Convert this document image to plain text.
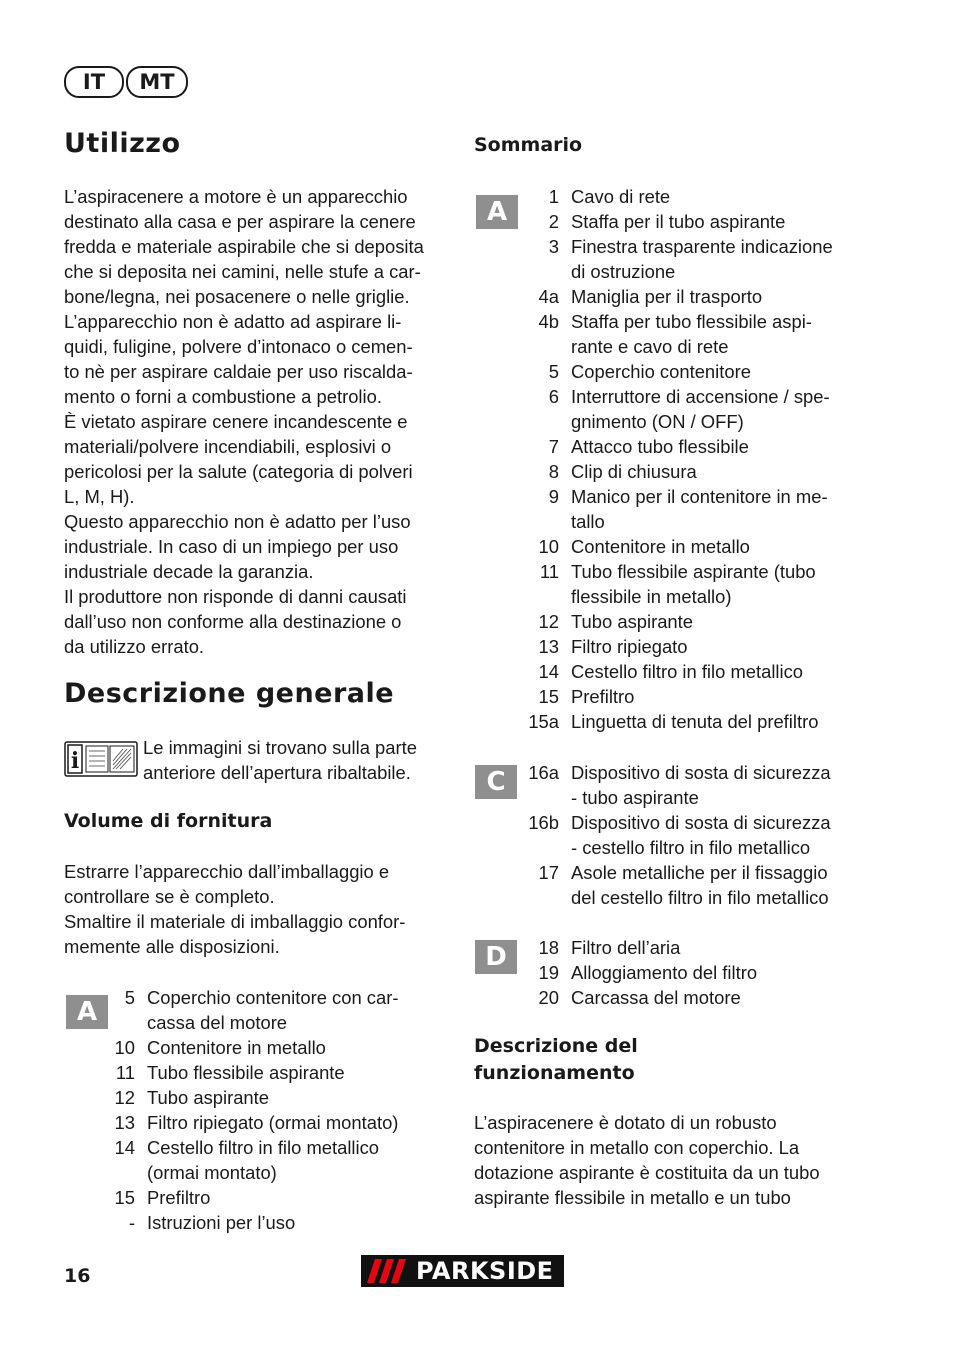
IT	MT
Utilizzo
L’aspiracenere a motore è un apparecchio
destinato alla casa e per aspirare la cenere
fredda e materiale aspirabile che si deposita
che si deposita nei camini, nelle stufe a car-
bone/legna, nei posacenere o nelle griglie.
L’apparecchio non è adatto ad aspirare li-
quidi, fuligine, polvere d’intonaco o cemen-
to nè per aspirare caldaie per uso riscalda-
mento o forni a combustione a petrolio.
È vietato aspirare cenere incandescente e
materiali/polvere incendiabili, esplosivi o
pericolosi per la salute (categoria di polveri
L, M, H).
Questo apparecchio non è adatto per l’uso
industriale. In caso di un impiego per uso
industriale decade la garanzia.
Il produttore non risponde di danni causati
dall’uso non conforme alla destinazione o
da utilizzo errato.
Descrizione generale
i
Le immagini si trovano sulla parte
anteriore dell’apertura ribaltabile.
Volume di fornitura
Estrarre l’apparecchio dall’imballaggio e
controllare se è completo.
Smaltire il materiale di imballaggio confor-
memente alle disposizioni.
A	5 Coperchio contenitore con car-
cassa del motore
10 Contenitore in metallo
11 Tubo flessibile aspirante
12 Tubo aspirante
13 Filtro ripiegato (ormai montato)
14 Cestello filtro in filo metallico
(ormai montato)
15 Prefiltro
- Istruzioni per l’uso
Sommario
A
1 Cavo di rete
2 Staffa per il tubo aspirante
3 Finestra trasparente indicazione
di ostruzione
4a Maniglia per il trasporto
4b Staffa per tubo flessibile aspi-
rante e cavo di rete
5 Coperchio contenitore
6 Interruttore di accensione / spe-
gnimento (ON / OFF)
7 Attacco tubo flessibile
8 Clip di chiusura
9 Manico per il contenitore in me-
tallo
10 Contenitore in metallo
11 Tubo flessibile aspirante (tubo
flessibile in metallo)
12 Tubo aspirante
13 Filtro ripiegato
14 Cestello filtro in filo metallico
15 Prefiltro
15a Linguetta di tenuta del prefiltro
C	16a Dispositivo di sosta di sicurezza
- tubo aspirante
16b Dispositivo di sosta di sicurezza
- cestello filtro in filo metallico
17 Asole metalliche per il fissaggio
del cestello filtro in filo metallico
D	18 Filtro dell’aria
19 Alloggiamento del filtro
20 Carcassa del motore
Descrizione del
funzionamento
L’aspiracenere è dotato di un robusto
contenitore in metallo con coperchio. La
dotazione aspirante è costituita da un tubo
aspirante flessibile in metallo e un tubo
16	PARKSIDE ®
